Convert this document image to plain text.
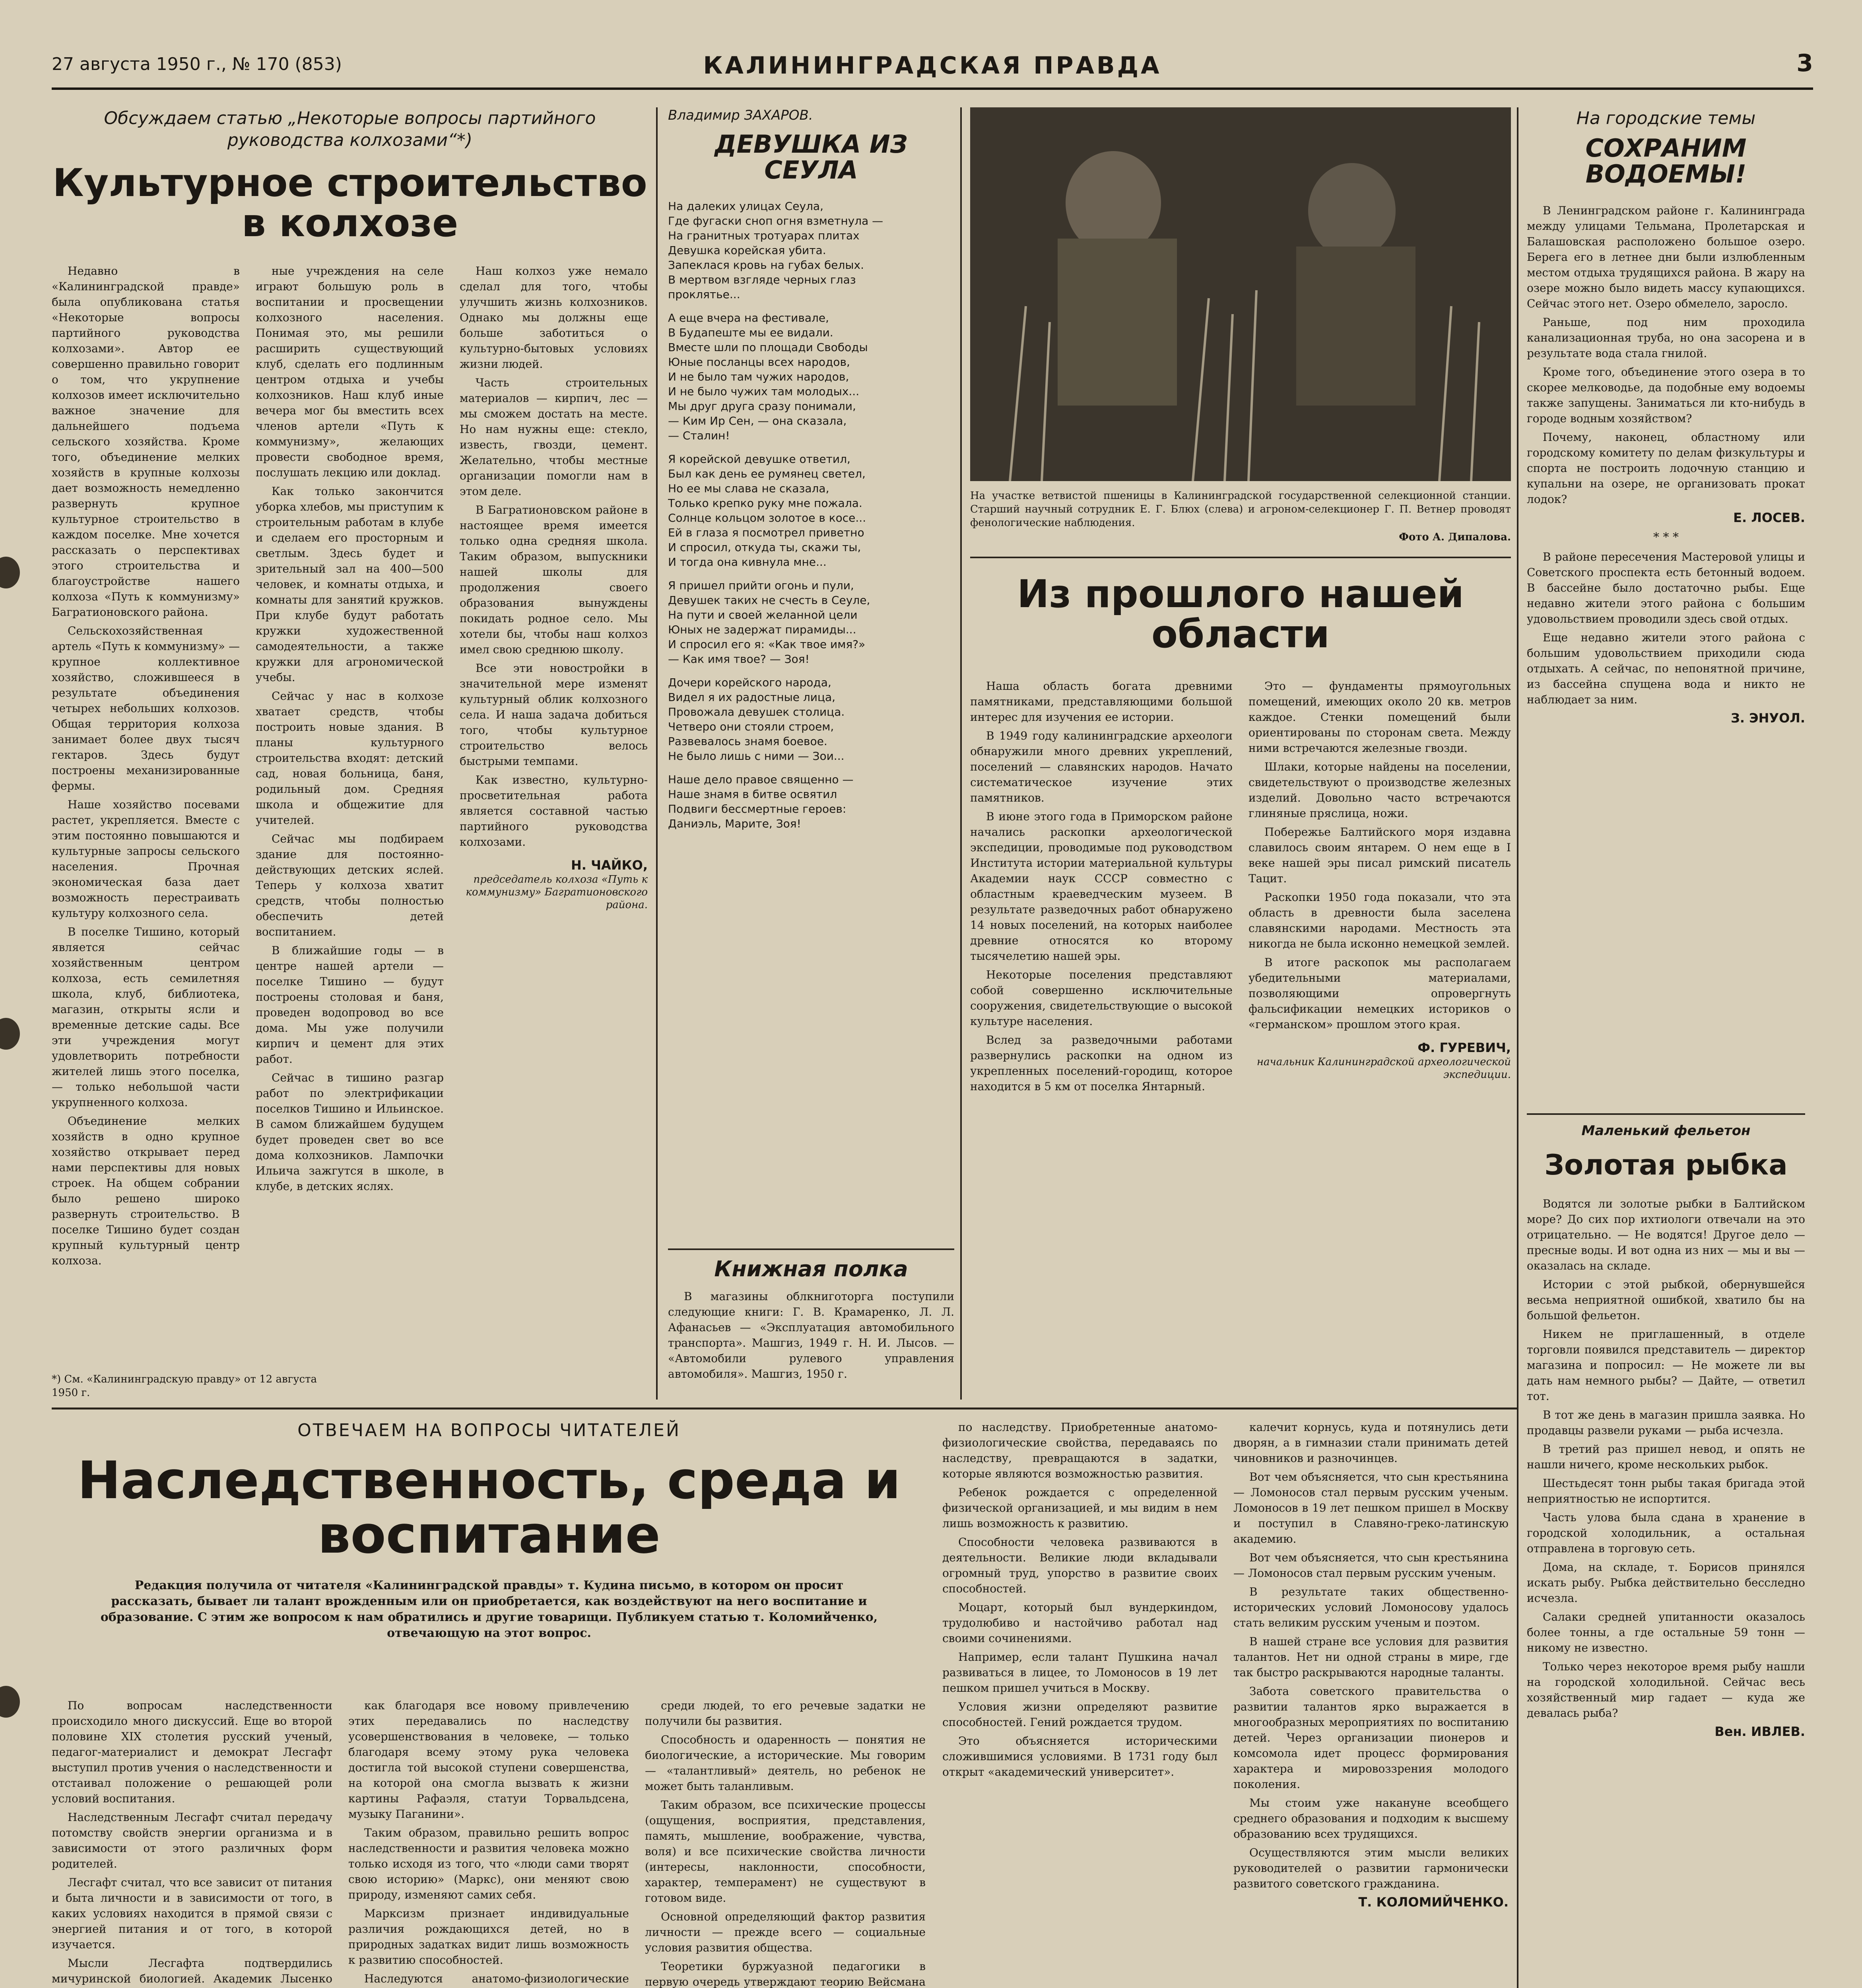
27 августа 1950 г., № 170 (853)	КАЛИНИНГРАДСКАЯ ПРАВДА	3
Обсуждаем статью „Некоторые вопросы партийного руководства колхозами“*)
Культурное строительство в колхозе

Недавно в «Калининградской правде» была опубликована статья «Некоторые вопросы партийного руководства колхозами». Автор ее совершенно правильно говорит о том, что укрупнение колхозов имеет исключительно важное значение для дальнейшего подъема сельского хозяйства. Кроме того, объединение мелких хозяйств в крупные колхозы дает возможность немедленно развернуть крупное культурное строительство в каждом поселке. Мне хочется рассказать о перспективах этого строительства и благоустройстве нашего колхоза «Путь к коммунизму» Багратионовского района.

Сельскохозяйственная артель «Путь к коммунизму» — крупное коллективное хозяйство, сложившееся в результате объединения четырех небольших колхозов. Общая территория колхоза занимает более двух тысяч гектаров. Здесь будут построены механизированные фермы.

Наше хозяйство посевами растет, укрепляется. Вместе с этим постоянно повышаются и культурные запросы сельского населения. Прочная экономическая база дает возможность перестраивать культуру колхозного села.

В поселке Тишино, который является сейчас хозяйственным центром колхоза, есть семилетняя школа, клуб, библиотека, магазин, открыты ясли и временные детские сады. Все эти учреждения могут удовлетворить потребности жителей лишь этого поселка, — только небольшой части укрупненного колхоза.

Объединение мелких хозяйств в одно крупное хозяйство открывает перед нами перспективы для новых строек. На общем собрании было решено широко развернуть строительство. В поселке Тишино будет создан крупный культурный центр колхоза.

ные учреждения на селе играют большую роль в воспитании и просвещении колхозного населения. Понимая это, мы решили расширить существующий клуб, сделать его подлинным центром отдыха и учебы колхозников. Наш клуб иные вечера мог бы вместить всех членов артели «Путь к коммунизму», желающих провести свободное время, послушать лекцию или доклад.

Как только закончится уборка хлебов, мы приступим к строительным работам в клубе и сделаем его просторным и светлым. Здесь будет и зрительный зал на 400—500 человек, и комнаты отдыха, и комнаты для занятий кружков. При клубе будут работать кружки художественной самодеятельности, а также кружки для агрономической учебы.

Сейчас у нас в колхозе хватает средств, чтобы построить новые здания. В планы культурного строительства входят: детский сад, новая больница, баня, родильный дом. Средняя школа и общежитие для учителей.

Сейчас мы подбираем здание для постоянно-действующих детских яслей. Теперь у колхоза хватит средств, чтобы полностью обеспечить детей воспитанием.

В ближайшие годы — в центре нашей артели — поселке Тишино — будут построены столовая и баня, проведен водопровод во все дома. Мы уже получили кирпич и цемент для этих работ.

Сейчас в тишино разгар работ по электрификации поселков Тишино и Ильинское. В самом ближайшем будущем будет проведен свет во все дома колхозников. Лампочки Ильича зажгутся в школе, в клубе, в детских яслях.

Наш колхоз уже немало сделал для того, чтобы улучшить жизнь колхозников. Однако мы должны еще больше заботиться о культурно-бытовых условиях жизни людей.

Часть строительных материалов — кирпич, лес — мы сможем достать на месте. Но нам нужны еще: стекло, известь, гвозди, цемент. Желательно, чтобы местные организации помогли нам в этом деле.

В Багратионовском районе в настоящее время имеется только одна средняя школа. Таким образом, выпускники нашей школы для продолжения своего образования вынуждены покидать родное село. Мы хотели бы, чтобы наш колхоз имел свою среднюю школу.

Все эти новостройки в значительной мере изменят культурный облик колхозного села. И наша задача добиться того, чтобы культурное строительство велось быстрыми темпами.

Как известно, культурно-просветительная работа является составной частью партийного руководства колхозами.

Н. ЧАЙКО,
председатель колхоза «Путь к коммунизму» Багратионовского района.
*) См. «Калининградскую правду» от 12 августа 1950 г.
Владимир ЗАХАРОВ.
ДЕВУШКА ИЗ СЕУЛА
На далеких улицах Сеула,
Где фугаски сноп огня взметнула —
На гранитных тротуарах плитах
Девушка корейская убита.
Запеклася кровь на губах белых.
В мертвом взгляде черных глаз
проклятье...
А еще вчера на фестивале,
В Будапеште мы ее видали.
Вместе шли по площади Свободы
Юные посланцы всех народов,
И не было там чужих народов,
И не было чужих там молодых...
Мы друг друга сразу понимали,
— Ким Ир Сен, — она сказала,
— Сталин!
Я корейской девушке ответил,
Был как день ее румянец светел,
Но ее мы слава не сказала,
Только крепко руку мне пожала.
Солнце кольцом золотое в косе...
Ей в глаза я посмотрел приветно
И спросил, откуда ты, скажи ты,
И тогда она кивнула мне...
Я пришел прийти огонь и пули,
Девушек таких не счесть в Сеуле,
На пути и своей желанной цели
Юных не задержат пирамиды...
И спросил его я: «Как твое имя?»
— Как имя твое? — Зоя!
Дочери корейского народа,
Видел я их радостные лица,
Провожала девушек столица.
Четверо они стояли строем,
Развевалось знамя боевое.
Не было лишь с ними — Зои...
Наше дело правое священно —
Наше знамя в битве освятил
Подвиги бессмертные героев:
Даниэль, Марите, Зоя!
Книжная полка
В магазины облкниготорга поступили следующие книги: Г. В. Крамаренко, Л. Л. Афанасьев — «Эксплуатация автомобильного транспорта». Машгиз, 1949 г. Н. И. Лысов. — «Автомобили рулевого управления автомобиля». Машгиз, 1950 г.
На участке ветвистой пшеницы в Калининградской государственной селекционной станции. Старший научный сотрудник Е. Г. Блюх (слева) и агроном-селекционер Г. П. Ветнер проводят фенологические наблюдения.
Фото А. Дипалова.
Из прошлого нашей области

Наша область богата древними памятниками, представляющими большой интерес для изучения ее истории.

В 1949 году калининградские археологи обнаружили много древних укреплений, поселений — славянских народов. Начато систематическое изучение этих памятников.

В июне этого года в Приморском районе начались раскопки археологической экспедиции, проводимые под руководством Института истории материальной культуры Академии наук СССР совместно с областным краеведческим музеем. В результате разведочных работ обнаружено 14 новых поселений, на которых наиболее древние относятся ко второму тысячелетию нашей эры.

Некоторые поселения представляют собой совершенно исключительные сооружения, свидетельствующие о высокой культуре населения.

Вслед за разведочными работами развернулись раскопки на одном из укрепленных поселений-городищ, которое находится в 5 км от поселка Янтарный.

Это — фундаменты прямоугольных помещений, имеющих около 20 кв. метров каждое. Стенки помещений были ориентированы по сторонам света. Между ними встречаются железные гвозди.

Шлаки, которые найдены на поселении, свидетельствуют о производстве железных изделий. Довольно часто встречаются глиняные пряслица, ножи.

Побережье Балтийского моря издавна славилось своим янтарем. О нем еще в I веке нашей эры писал римский писатель Тацит.

Раскопки 1950 года показали, что эта область в древности была заселена славянскими народами. Местность эта никогда не была исконно немецкой землей.

В итоге раскопок мы располагаем убедительными материалами, позволяющими опровергнуть фальсификации немецких историков о «германском» прошлом этого края.

Ф. ГУРЕВИЧ,
начальник Калининградской археологической экспедиции.
На городские темы
СОХРАНИМ ВОДОЕМЫ!

В Ленинградском районе г. Калининграда между улицами Тельмана, Пролетарская и Балашовская расположено большое озеро. Берега его в летнее дни были излюбленным местом отдыха трудящихся района. В жару на озере можно было видеть массу купающихся. Сейчас этого нет. Озеро обмелело, заросло.

Раньше, под ним проходила канализационная труба, но она засорена и в результате вода стала гнилой.

Кроме того, объединение этого озера в то скорее мелководье, да подобные ему водоемы также запущены. Заниматься ли кто-нибудь в городе водным хозяйством?

Почему, наконец, областному или городскому комитету по делам физкультуры и спорта не построить лодочную станцию и купальни на озере, не организовать прокат лодок?

Е. ЛОСЕВ.
* * *

В районе пересечения Мастеровой улицы и Советского проспекта есть бетонный водоем. В бассейне было достаточно рыбы. Еще недавно жители этого района с большим удовольствием проводили здесь свой отдых.

Еще недавно жители этого района с большим удовольствием приходили сюда отдыхать. А сейчас, по непонятной причине, из бассейна спущена вода и никто не наблюдает за ним.

З. ЭНУОЛ.
Маленький фельетон
Золотая рыбка

Водятся ли золотые рыбки в Балтийском море? До сих пор ихтиологи отвечали на это отрицательно. — Не водятся! Другое дело — пресные воды. И вот одна из них — мы и вы — оказалась на складе.

Истории с этой рыбкой, обернувшейся весьма неприятной ошибкой, хватило бы на большой фельетон.

Никем не приглашенный, в отделе торговли появился представитель — директор магазина и попросил: — Не можете ли вы дать нам немного рыбы? — Дайте, — ответил тот.

В тот же день в магазин пришла заявка. Но продавцы развели руками — рыба исчезла.

В третий раз пришел невод, и опять не нашли ничего, кроме нескольких рыбок.

Шестьдесят тонн рыбы такая бригада этой неприятностью не испортится.

Часть улова была сдана в хранение в городской холодильник, а остальная отправлена в торговую сеть.

Дома, на складе, т. Борисов принялся искать рыбу. Рыбка действительно бесследно исчезла.

Салаки средней упитанности оказалось более тонны, а где остальные 59 тонн — никому не известно.

Только через некоторое время рыбу нашли на городской холодильной. Сейчас весь хозяйственный мир гадает — куда же девалась рыба?

Вен. ИВЛЕВ.
ОТВЕЧАЕМ НА ВОПРОСЫ ЧИТАТЕЛЕЙ
Наследственность, среда и воспитание
Редакция получила от читателя «Калининградской правды» т. Кудина письмо, в котором он просит рассказать, бывает ли талант врожденным или он приобретается, как воздействуют на него воспитание и образование. С этим же вопросом к нам обратились и другие товарищи. Публикуем статью т. Коломийченко, отвечающую на этот вопрос.

По вопросам наследственности происходило много дискуссий. Еще во второй половине XIX столетия русский ученый, педагог-материалист и демократ Лесгафт выступил против учения о наследственности и отстаивал положение о решающей роли условий воспитания.

Наследственным Лесгафт считал передачу потомству свойств энергии организма и в зависимости от этого различных форм родителей.

Лесгафт считал, что все зависит от питания и быта личности и в зависимости от того, в каких условиях находится в прямой связи с энергией питания и от того, в которой изучается.

Мысли Лесгафта подтвердились мичуринской биологией. Академик Лысенко

как благодаря все новому привлечению этих передавались по наследству усовершенствования в человеке, — только благодаря всему этому рука человека достигла той высокой ступени совершенства, на которой она смогла вызвать к жизни картины Рафаэля, статуи Торвальдсена, музыку Паганини».

Таким образом, правильно решить вопрос наследственности и развития человека можно только исходя из того, что «люди сами творят свою историю» (Маркс), они меняют свою природу, изменяют самих себя.

Марксизм признает индивидуальные различия рождающихся детей, но в природных задатках видит лишь возможность к развитию способностей.

Наследуются анатомо-физиологические

среди людей, то его речевые задатки не получили бы развития.

Способность и одаренность — понятия не биологические, а исторические. Мы говорим — «талантливый» деятель, но ребенок не может быть таланливым.

Таким образом, все психические процессы (ощущения, восприятия, представления, память, мышление, воображение, чувства, воля) и все психические свойства личности (интересы, наклонности, способности, характер, темперамент) не существуют в готовом виде.

Основной определяющий фактор развития личности — прежде всего — социальные условия развития общества.

Теоретики буржуазной педагогики в первую очередь утверждают теорию Вейсмана

по наследству. Приобретенные анатомо-физиологические свойства, передаваясь по наследству, превращаются в задатки, которые являются возможностью развития.

Ребенок рождается с определенной физической организацией, и мы видим в нем лишь возможность к развитию.

Способности человека развиваются в деятельности. Великие люди вкладывали огромный труд, упорство в развитие своих способностей.

Моцарт, который был вундеркиндом, трудолюбиво и настойчиво работал над своими сочинениями.

Например, если талант Пушкина начал развиваться в лицее, то Ломоносов в 19 лет пешком пришел учиться в Москву.

Условия жизни определяют развитие способностей. Гений рождается трудом.

Это объясняется историческими сложившимися условиями. В 1731 году был открыт «академический университет».

калечит корнусь, куда и потянулись дети дворян, а в гимназии стали принимать детей чиновников и разночинцев.

Вот чем объясняется, что сын крестьянина — Ломоносов стал первым русским ученым. Ломоносов в 19 лет пешком пришел в Москву и поступил в Славяно-греко-латинскую академию.

Вот чем объясняется, что сын крестьянина — Ломоносов стал первым русским ученым.

В результате таких общественно-исторических условий Ломоносову удалось стать великим русским ученым и поэтом.

В нашей стране все условия для развития талантов. Нет ни одной страны в мире, где так быстро раскрываются народные таланты.

Забота советского правительства о развитии талантов ярко выражается в многообразных мероприятиях по воспитанию детей. Через организации пионеров и комсомола идет процесс формирования характера и мировоззрения молодого поколения.

Мы стоим уже накануне всеобщего среднего образования и подходим к высшему образованию всех трудящихся.

Осуществляются этим мысли великих руководителей о развитии гармонически развитого советского гражданина.

Т. КОЛОМИЙЧЕНКО.
